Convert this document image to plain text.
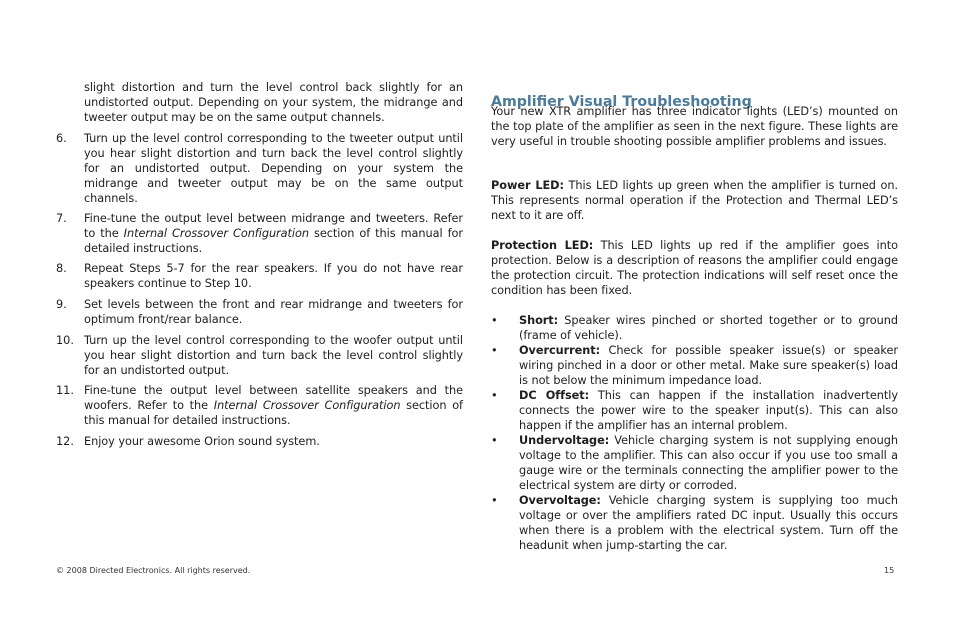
slight distortion and turn the level control back slightly for an undistorted output. Depending on your system, the midrange and tweeter output may be on the same output channels.

6. Turn up the level control corresponding to the tweeter output until you hear slight distortion and turn back the level control slightly for an undistorted output. Depending on your system the midrange and tweeter output may be on the same output channels.

7. Fine-tune the output level between midrange and tweeters. Refer to the Internal Crossover Configuration section of this manual for detailed instructions.

8. Repeat Steps 5-7 for the rear speakers. If you do not have rear speakers continue to Step 10.

9. Set levels between the front and rear midrange and tweeters for optimum front/rear balance.

10. Turn up the level control corresponding to the woofer output until you hear slight distortion and turn back the level control slightly for an undistorted output.

11. Fine-tune the output level between satellite speakers and the woofers. Refer to the Internal Crossover Configuration section of this manual for detailed instructions.

12. Enjoy your awesome Orion sound system.

Amplifier Visual Troubleshooting

Your new XTR amplifier has three indicator lights (LED’s) mounted on the top plate of the amplifier as seen in the next figure. These lights are very useful in trouble shooting possible amplifier problems and issues.

Power LED: This LED lights up green when the amplifier is turned on. This represents normal operation if the Protection and Thermal LED’s next to it are off.

Protection LED: This LED lights up red if the amplifier goes into protection. Below is a description of reasons the amplifier could engage the protection circuit. The protection indications will self reset once the condition has been fixed.

• Short: Speaker wires pinched or shorted together or to ground (frame of vehicle).

• Overcurrent: Check for possible speaker issue(s) or speaker wiring pinched in a door or other metal. Make sure speaker(s) load is not below the minimum impedance load.

• DC Offset: This can happen if the installation inadvertently connects the power wire to the speaker input(s). This can also happen if the amplifier has an internal problem.

• Undervoltage: Vehicle charging system is not supplying enough voltage to the amplifier. This can also occur if you use too small a gauge wire or the terminals connecting the amplifier power to the electrical system are dirty or corroded.

• Overvoltage: Vehicle charging system is supplying too much voltage or over the amplifiers rated DC input. Usually this occurs when there is a problem with the electrical system. Turn off the headunit when jump-starting the car.

© 2008 Directed Electronics. All rights reserved.	15
